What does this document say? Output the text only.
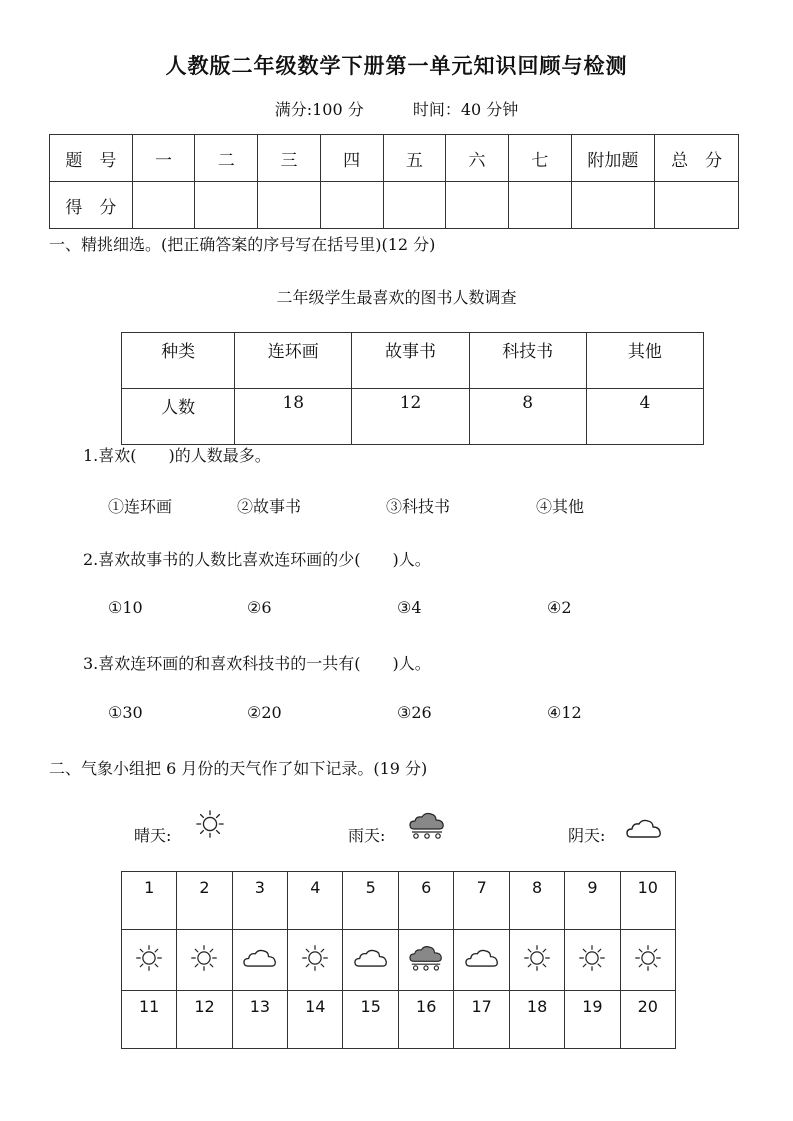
人教版二年级数学下册第一单元知识回顾与检测
满分:100 分	时间：40 分钟
题　号	一	二	三	四	五	六	七	附加题	总　分
得　分									
一、精挑细选。(把正确答案的序号写在括号里)(12 分)
二年级学生最喜欢的图书人数调查
种类	连环画	故事书	科技书	其他
人数	18	12	8	4
1.喜欢(　　)的人数最多。
①连环画	②故事书	③科技书	④其他
2.喜欢故事书的人数比喜欢连环画的少(　　)人。
①10	②6	③4	④2
3.喜欢连环画的和喜欢科技书的一共有(　　)人。
①30	②20	③26	④12
二、气象小组把 6 月份的天气作了如下记录。(19 分)
晴天:	雨天:	阴天:
1	2	3	4	5	6	7	8	9	10

11	12	13	14	15	16	17	18	19	20
